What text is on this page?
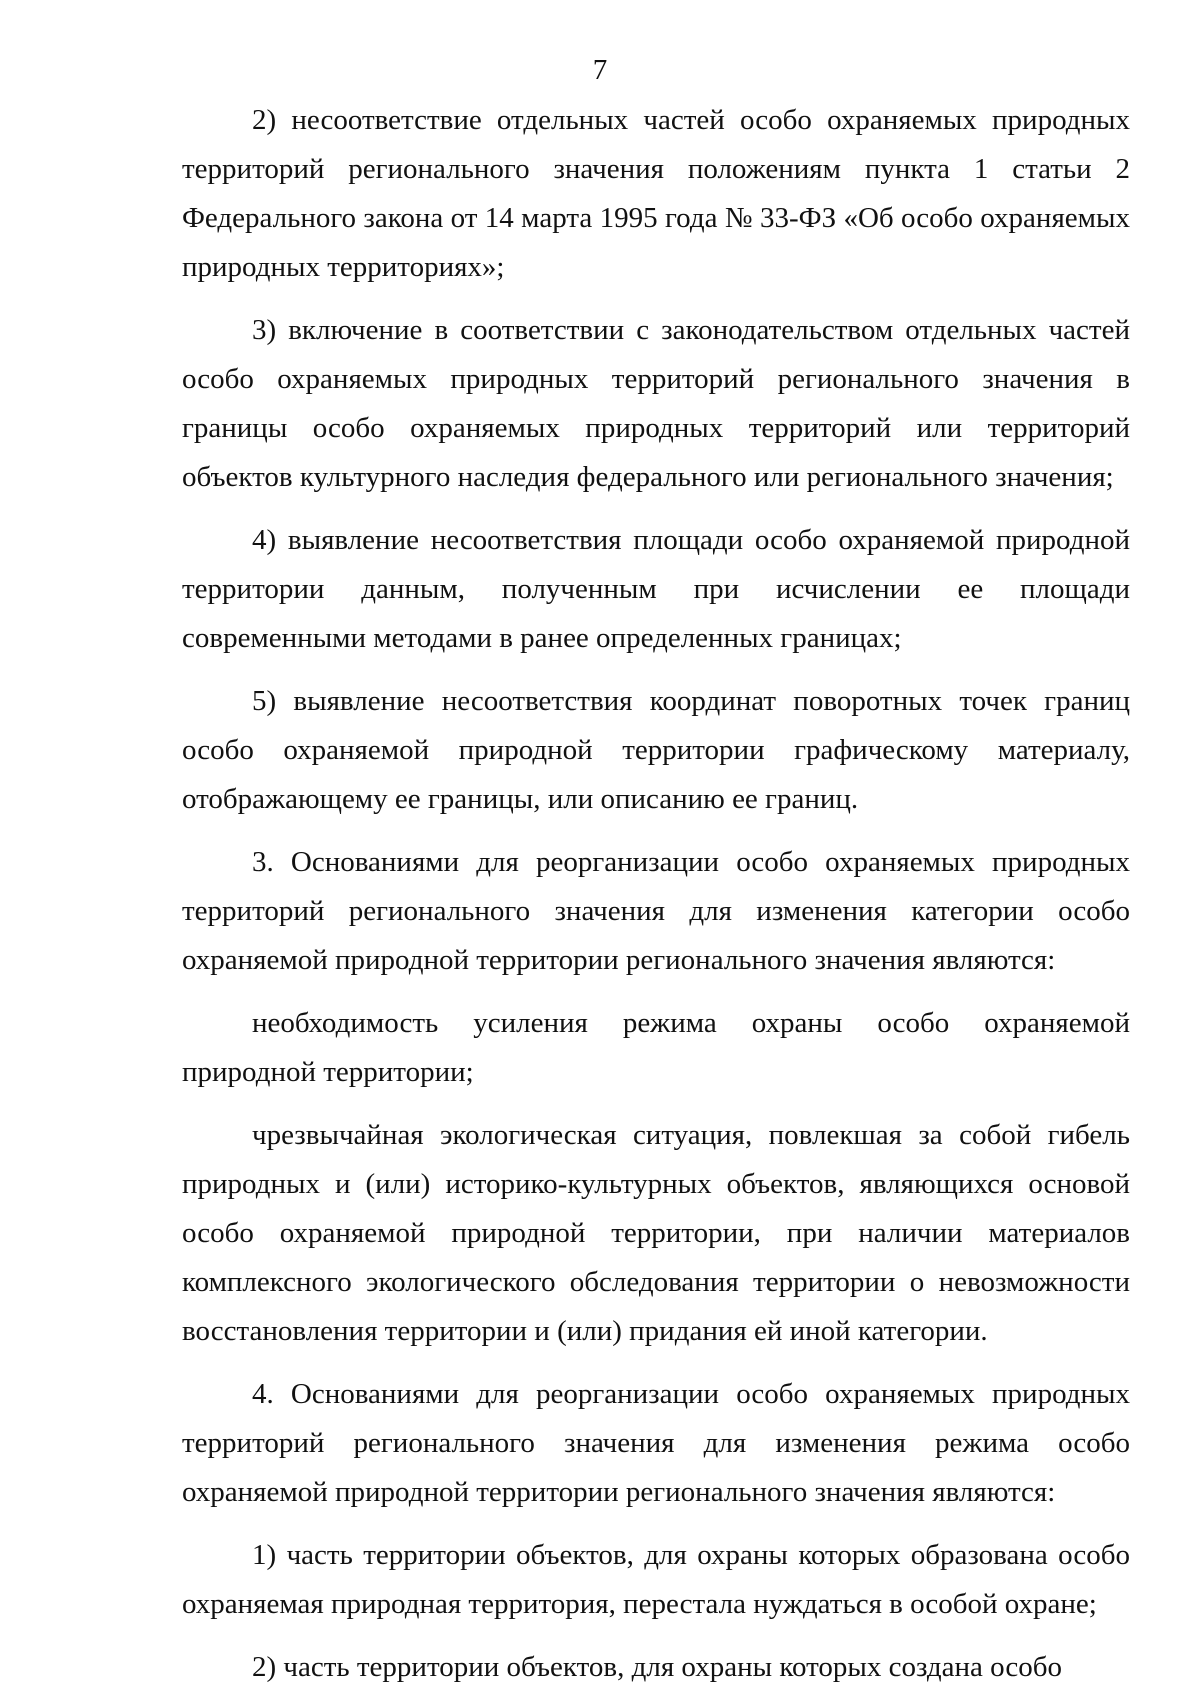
7

2) несоответствие отдельных частей особо охраняемых природных территорий регионального значения положениям пункта 1 статьи 2 Федерального закона от 14 марта 1995 года № 33-ФЗ «Об особо охраняемых природных территориях»;

3) включение в соответствии с законодательством отдельных частей особо охраняемых природных территорий регионального значения в границы особо охраняемых природных территорий или территорий объектов культурного наследия федерального или регионального значения;

4) выявление несоответствия площади особо охраняемой природной территории данным, полученным при исчислении ее площади современными методами в ранее определенных границах;

5) выявление несоответствия координат поворотных точек границ особо охраняемой природной территории графическому материалу, отображающему ее границы, или описанию ее границ.

3. Основаниями для реорганизации особо охраняемых природных территорий регионального значения для изменения категории особо охраняемой природной территории регионального значения являются:

необходимость усиления режима охраны особо охраняемой природной территории;

чрезвычайная экологическая ситуация, повлекшая за собой гибель природных и (или) историко-культурных объектов, являющихся основой особо охраняемой природной территории, при наличии материалов комплексного экологического обследования территории о невозможности восстановления территории и (или) придания ей иной категории.

4. Основаниями для реорганизации особо охраняемых природных территорий регионального значения для изменения режима особо охраняемой природной территории регионального значения являются:

1) часть территории объектов, для охраны которых образована особо охраняемая природная территория, перестала нуждаться в особой охране;

2) часть территории объектов, для охраны которых создана особо
